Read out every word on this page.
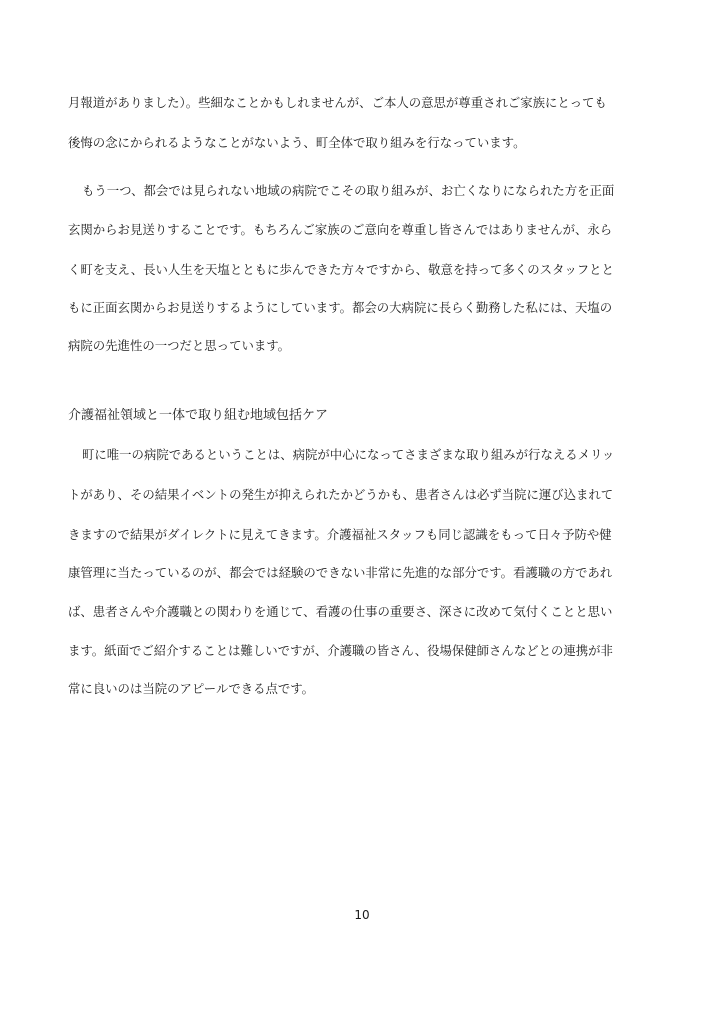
月報道がありました）。些細なことかもしれませんが、ご本人の意思が尊重されご家族にとっても
後悔の念にかられるようなことがないよう、町全体で取り組みを行なっています。
もう一つ、都会では見られない地域の病院でこその取り組みが、お亡くなりになられた方を正面
玄関からお見送りすることです。もちろんご家族のご意向を尊重し皆さんではありませんが、永ら
く町を支え、長い人生を天塩とともに歩んできた方々ですから、敬意を持って多くのスタッフとと
もに正面玄関からお見送りするようにしています。都会の大病院に長らく勤務した私には、天塩の
病院の先進性の一つだと思っています。
介護福祉領域と一体で取り組む地域包括ケア
町に唯一の病院であるということは、病院が中心になってさまざまな取り組みが行なえるメリッ
トがあり、その結果イベントの発生が抑えられたかどうかも、患者さんは必ず当院に運び込まれて
きますので結果がダイレクトに見えてきます。介護福祉スタッフも同じ認識をもって日々予防や健
康管理に当たっているのが、都会では経験のできない非常に先進的な部分です。看護職の方であれ
ば、患者さんや介護職との関わりを通じて、看護の仕事の重要さ、深さに改めて気付くことと思い
ます。紙面でご紹介することは難しいですが、介護職の皆さん、役場保健師さんなどとの連携が非
常に良いのは当院のアピールできる点です。
10
